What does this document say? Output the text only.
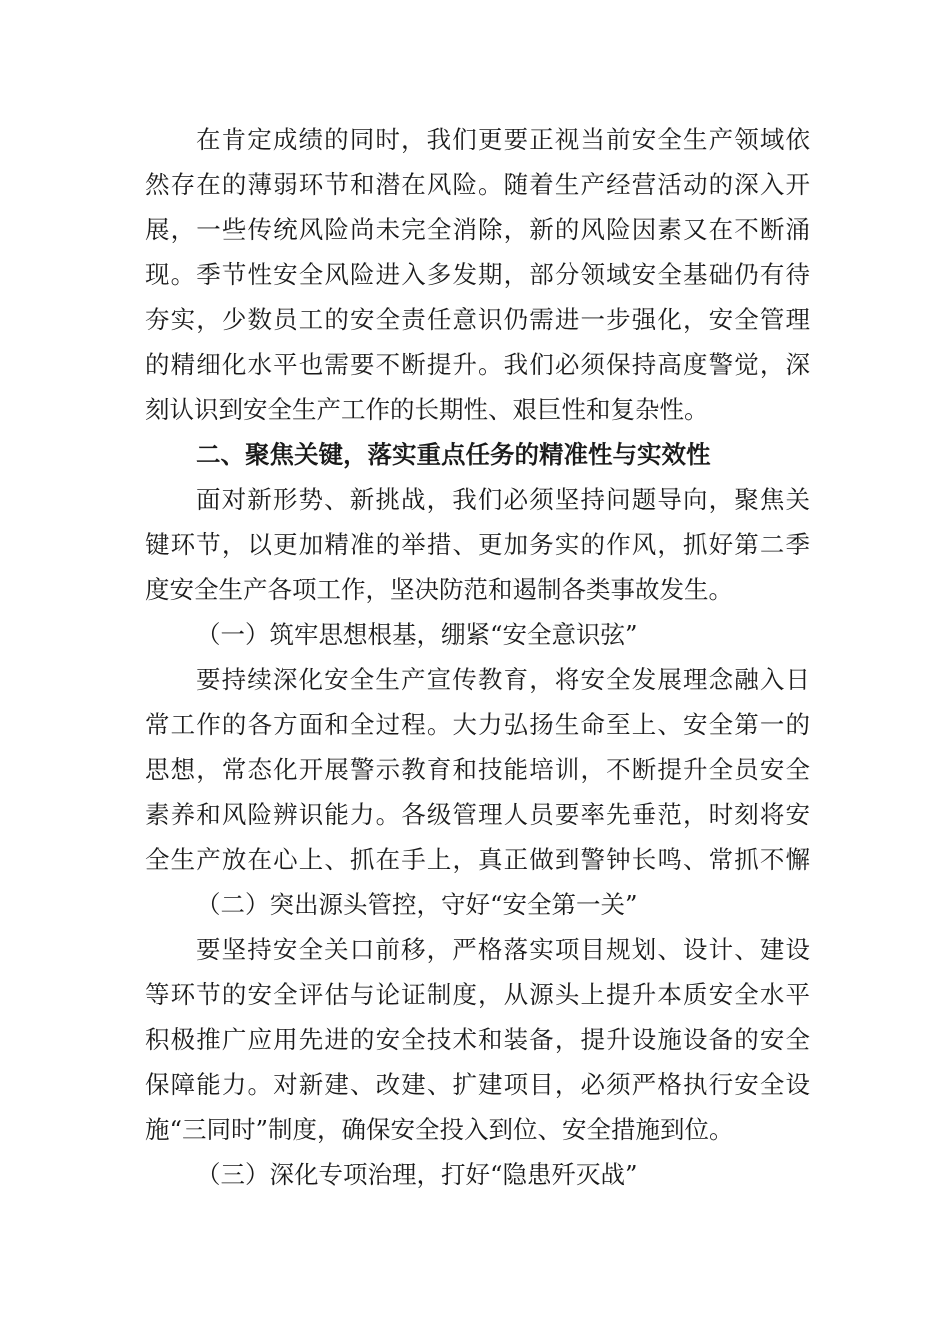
在肯定成绩的同时，我们更要正视当前安全生产领域依
然存在的薄弱环节和潜在风险。随着生产经营活动的深入开
展，一些传统风险尚未完全消除，新的风险因素又在不断涌
现。季节性安全风险进入多发期，部分领域安全基础仍有待
夯实，少数员工的安全责任意识仍需进一步强化，安全管理
的精细化水平也需要不断提升。我们必须保持高度警觉，深
刻认识到安全生产工作的长期性、艰巨性和复杂性。
二、聚焦关键，落实重点任务的精准性与实效性
面对新形势、新挑战，我们必须坚持问题导向，聚焦关
键环节，以更加精准的举措、更加务实的作风，抓好第二季
度安全生产各项工作，坚决防范和遏制各类事故发生。
（一）筑牢思想根基，绷紧“安全意识弦”
要持续深化安全生产宣传教育，将安全发展理念融入日
常工作的各方面和全过程。大力弘扬生命至上、安全第一的
思想，常态化开展警示教育和技能培训，不断提升全员安全
素养和风险辨识能力。各级管理人员要率先垂范，时刻将安
全生产放在心上、抓在手上，真正做到警钟长鸣、常抓不懈
（二）突出源头管控，守好“安全第一关”
要坚持安全关口前移，严格落实项目规划、设计、建设
等环节的安全评估与论证制度，从源头上提升本质安全水平
积极推广应用先进的安全技术和装备，提升设施设备的安全
保障能力。对新建、改建、扩建项目，必须严格执行安全设
施“三同时”制度，确保安全投入到位、安全措施到位。
（三）深化专项治理，打好“隐患歼灭战”
